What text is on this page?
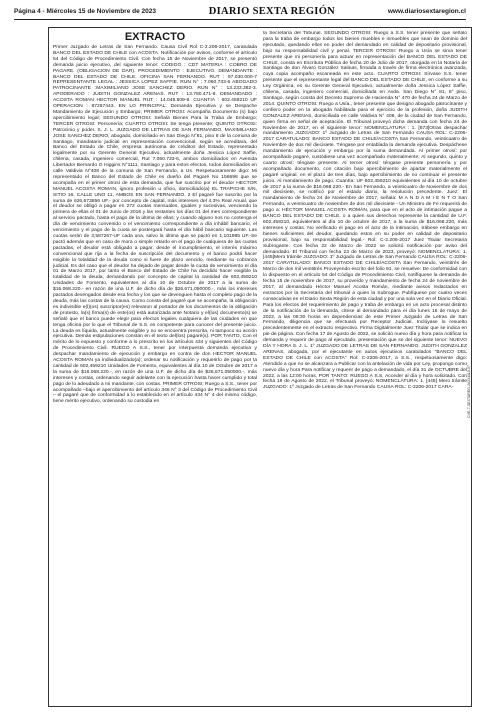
Página 4 - Miércoles 15 de Noviembre de 2023	DIARIO SEXTA REGIÓN	www.diariosextaregion.cl
EXTRACTO

Primer Juzgado de Letras de San Fernando. Causa Civil Rol C-2.206-2017, caratulada BANCO DEL ESTADO DE CHILE con ACOSTA. Notificación por avisos, conforme el artículo 54 del Código de Procedimiento Civil. Con fecha 15 de Noviembre de 2017, se presentó demanda juicio ejecutivo, del siguiente tenor: CODIGO : CDT MATERIA : COBRO DE PAGARE. (OBLIGACION DE DAR). PROCEDIMIENTO : EJECUTIVO. DEMANDANTE : BANCO DEL ESTADO DE CHILE. OFICINA SAN FERNANDO. RUT : 97.030.000-7 REPRESENTANTE LEGAL : JESSICA LOPEZ SAFFIE. RUN N° : 7.060.733-6 ABOGADO PATROCINANTE :MAXIMILIANO JOSE SANCHEZ DERIO. RUN N° : 13.233.382-3. APODERADO : JUDITH GONZALEZ ARENAS. RUT : 13.780.471-8. DEMANDADO : ACOSTA ROMAN HECTOR MANUEL RUT : 14.048.509-8. CUANTIA : 602.459210 UF OPERACION : 87257443. EN LO PRINCIPAL: Demanda Ejecutiva y se Despache Mandamiento de Ejecución y Embargo; PRIMER OTROSI: Acompaña Documento (s) bajo apercibimiento legal; SEGUNDO OTROSI: Señala Bienes Para la Traba de Embargo; TERCER OTROSI: Personería; CUARTO OTROSI: Se tenga presente; QUINTO OTROSI: Patrocinio y poder. S. J. L. JUZGADO DE LETRAS DE SAN FERNANDO. MAXIMILIANO JOSE SANCHEZ DERIO, abogado, domiciliado en San Diego N°81, piso 8 de la comuna de Santiago, mandatario judicial en representación convencional, según se acreditara, del Banco del Estado de Chile, empresa autónoma de créditos del Estado, representado legalmente por su Gerente General Ejecutivo, actualmente doña Jessica López Saffie, chilena, casada, ingeniero comercial, Rut 7.060.733-6, ambos domiciliados en Avenida Libertador Bernardo O Higgins N°1111, Santiago y para estos efectos, todos domiciliados en calle Valdivia N°408 de la comuna de San Fernando, a Us. Respetuosamente digo: Mi representado el Banco del Estado de Chile es dueño del Pagaré No 156698 que se acompaña en el primer otrosí de esta demanda, que fue suscrito por el deudor HECTOR MANUEL ACOSTA ROMAN, ignoro profesión u oficio, domiciliado(a) EL TRAPICHE S/N, SITIO 16, CALLE UNO 11, AMBOS EN SAN FERNANDO. 2 El pagaré fue suscrito por la suma de 626,673856 UF.- por concepto de capital, más intereses del 4,3% Real Anual, que el deudor se obligó a pagar en 272 cuotas mensuales, iguales y sucesivas, venciendo la primera de ellas el 01 de Junio de 2016 y las restantes los días 01 del mes correspondiente al servicio pactado, hasta el pago de la última de ellas; y cuando alguno nos no contenga el día de vencimiento convenido o el vencimiento correspondiente a día inhábil bancario, el vencimiento y el pago de la cuota se postergará hasta el día hábil bancario siguiente. Las cuotas serán de 3,587267-UF cada una, salvo la última que se pactó en 1,101985 UF.-Se pactó además que en caso de mora o simple retardo en el pago de cualquiera de las cuotas pactadas, el deudor está obligado a pagar, desde el incumplimiento, el interés máximo convencional que rija a la fecha de suscripción del documento y el banco podrá hacer exigible la totalidad de la deuda como si fuere de plazo vencido, mediante su cobranza judicial. Es del caso que el deudor ha dejado de pagar desde la cuota de vencimiento el día 01 de Marzo 2017, por tanto el Banco del Estado de Chile ha decidido hacer exigible la totalidad de la deuda, demandando por concepto de capital la cantidad de 602,459210 Unidades de Fomento, equivalentes al día 10 de Octubre de 2017 a la suma de $16.068.220.- en razón de una U.F. de dicho día de $26,671,050000.-, más los intereses pactados devengados desde esa fecha y los que se devenguen hasta el completo pago de la deuda, más las costas de la causa. Como consta del pagaré que se acompaña, la obligación es indivisible e(l)(os) suscriptor(es) relevaron al portador de los documentos de la obligación de protesto, la(s) firma(s) de este(os) está autorizada ante Notario y el(los) documento(s) se señaló que el banco puede elegir para efectos legales cualquiera de las ciudades en que tenga oficina por lo que el Tribunal de S.S. es competente para conocer del presente juicio. La deuda es líquida, actualmente exigible y no se encuentra prescrita, ni tampoco su acción ejecutiva. Demás estipulaciones constan en el texto del(los) pagaré(s). POR TANTO, Con el mérito de lo expuesto y conforme a lo prescrito en los artículos 434 y siguientes del Código de Procedimiento Civil. RUEGO A S.S., tener por interpuesta demanda ejecutiva y despachar mandamiento de ejecución y embargo en contra de don HECTOR MANUEL ACOSTA ROMAN ya individualizado(a); ordenar su notificación y requerirlo de pago por la cantidad de 602,459210 Unidades de Fomento, equivalentes al día 10 de Octubre de 2017 a la suma de $16.068.220.-, en razón de una U.F. de dicho día de $26,671,050000.-, más intereses y costas, ordenando seguir adelante con la ejecución hasta hacer cumplido y total pago de lo adeudado a mi mandante, con costas. PRIMER OTROSI: Ruego a S.S., tener por acompañado –bajo el apercibimiento del artículo 346 N° 3 del Código de Procedimiento Civil – el pagaré que de conformidad a lo establecido en el artículo 434 N° 4 del mismo código, tiene mérito ejecutivo, ordenando su custodia en

la Secretaría del Tribunal. SEGUNDO OTROSI: Ruego a S.S. tener presente que señalo para la traba de embargo todos los bienes muebles e inmuebles que sean de dominio del ejecutado, quedando ellos en poder del demandado en calidad de depositario provisional, bajo su responsabilidad civil y penal. TERCER OTROSI: Ruego a Usía se sirva tener presente que mi personería para actuar en representación del BANCO DEL ESTADO DE CHILE, consta en Escritura Pública de fecha 20 de Julio de 2017, otorgada en la Notaría de Santiago de don Álvaro González Salinas, firmada a través de firma electrónica avanzada, cuya copia acompaño escaneada en este acto. CUARTO OTROSI: Sírvase S.S. tener presente que el representante legal del BANCO DEL ESTADO DE CHILE, en conforme a su Ley Orgánica, es su Gerente General Ejecutivo, actualmente doña Jessica López Saffie, chilena, casada, ingeniero comercial, domiciliada en Avda. San Diego N° 81, 8° piso, Santiago, según consta del Decreto Supremo de Hacienda N° 470 de fecha 24 de Marzo de 2014. QUINTO OTROSI: Ruego a Usía., tener presente que designo abogado patrocinante y confiero poder en la abogada habilitada para el ejercicio de la profesión, doña JUDITH GONZALEZ ARENAS, domiciliada en calle Valdivia N° 408, de la ciudad de San Fernando, quien firma en señal de aceptación. El Tribunal proveyó dicha demanda con fecha 24 de Noviembre de 2017, en el siguiente tenor: NOMENCLATURA : 1. [873]Otras despachar mandamiento JUZGADO: 1º Juzgado de Letras de San Fernando CAUSA ROL: C-2206-2017 CARATULADO: BANCO ESTADO DE CHILE/ACOSTA San Fernando, veinticuatro de Noviembre de dos mil diecisiete. Téngase por entablada la demanda ejecutiva. Despáchese mandamiento de ejecución y embargo por la suma demandada. Al primer otrosí: por acompañado pagaré, custódiese una vez acompañado materialmente; Al segundo, quinto y cuarto otrosí: téngase presente. Al tercer otrosí: téngase presente personería y por acompañado documento, con citación bajo apercibimiento de apartar materialmente el pagaré original, en el plazo de tres días, bajo apercibimiento de no continuar el presente juicio. Al mandamiento de pago. Cuantía: UF 602,459210 equivalentes al día 10 de octubre de 2017 a la suma de $16.068.220.- En San Fernando, a veinticuatro de Noviembre de dos mil diecisiete, se notificó por el estado diario, la resolución precedente. Juez: El mandamiento de fecha 24 de Noviembre de 2017, señala: M A N D A M I E N T O San Fernando, a veinticuatro de noviembre de dos mil diecisiete - Un Ministro de Fe requerirá de pago a: HÉCTOR MANUEL ACOSTA ROMÁN, para que en el acto de intimación pague a BANCO DEL ESTADO DE CHILE, o a quien sus derechos represente la cantidad de U.F. 602,459210, equivalentes al día 10 de octubre de 2017, a la suma de $16.068.220, más intereses y costas. No verificado el pago en el acto de la intimación, trábese embargo en bienes suficientes del deudor, quedando estos en su poder en calidad de depositario provisional, bajo su responsabilidad legal.- Rol: C-2.206-2017 Juez Titular Secretaria Subrogante. Con fecha 22 de Marzo de 2022 se solicitó notificación por aviso del demandado. El Tribunal con fecha 23 de Marzo de 2023, proveyó: NOMENCLATURA: 1. [445]Mero trámite JUZGADO: 1º Juzgado de Letras de San Fernando CAUSA ROL: C-2206-2017 CARATULADO: BANCO ESTADO DE CHILE/ACOSTA San Fernando, veintitrés de Marzo de dos mil veintitrés Proveyendo escrito del folio 91, se resuelve: De conformidad con lo dispuesto en el artículo 54 del Código de Procedimiento Civil, notifíquese la demanda de fecha 15 de noviembre de 2017, su proveído y mandamiento de fecha 24 de noviembre de 2017, al demandado Héctor Manuel Acosta Román, mediante avisos redactados en extractos por la Secretaría del tribunal a quien la Subrogue. Publíquese por cuatro veces consecutivas en el Diario Sexta Región de esta ciudad y por una sola vez en el Diario Oficial. Para los efectos del requerimiento de pago y traba de embargo en un acto procesal distinto de la notificación de la demanda, cítese al demandado para el día lunes 16 de mayo de 2022, a las 09:30 horas en dependencias de este Primer Juzgado de Letras de San Fernando, diligencia que se efectuará por Receptor Judicial. Inclúyase lo resuelto precedentemente en el extracto respectivo. Firma Digitalmente Juez Titular que se indica en pie de página. Con fecha 17 de Agosto de 2022, se solicitó nuevo día y hora para notificar la demanda y requerir de pago al ejecutado, presentación que se del siguiente tenor: NUEVO DÍA Y HORA S. J. L. 1º JUZGADO DE LETRAS DE SAN FERNANDO. JUDITH GONZALEZ ARENAS, abogada, por el ejecutante en autos ejecutivos caratulados "BANCO DEL ESTADO DE CHILE con ACOSTA" Rol: C-2206-2017, a S.S., respetuosamente digo: Atendido a que no se alcanzara a Publicar con la antelación de vida por Ley, propongo como nuevo día y hora Para notificar y requerir de pago a demandado, el día 31 de OCTUBRE del 2022, a las 12:00 horas. POR TANTO: RUEGO A S.S. Acceder al día y hora solicitado. Con fecha 18 de Agosto de 2022, el Tribunal proveyó: NOMENCLATURA: 1. [445] Mero trámite JUZGADO: 1º Juzgado de Letras de San Fernando CAUSA ROL: C-2206-2017 CARA-	CVE-7-SEXTAREG-20231115-07
